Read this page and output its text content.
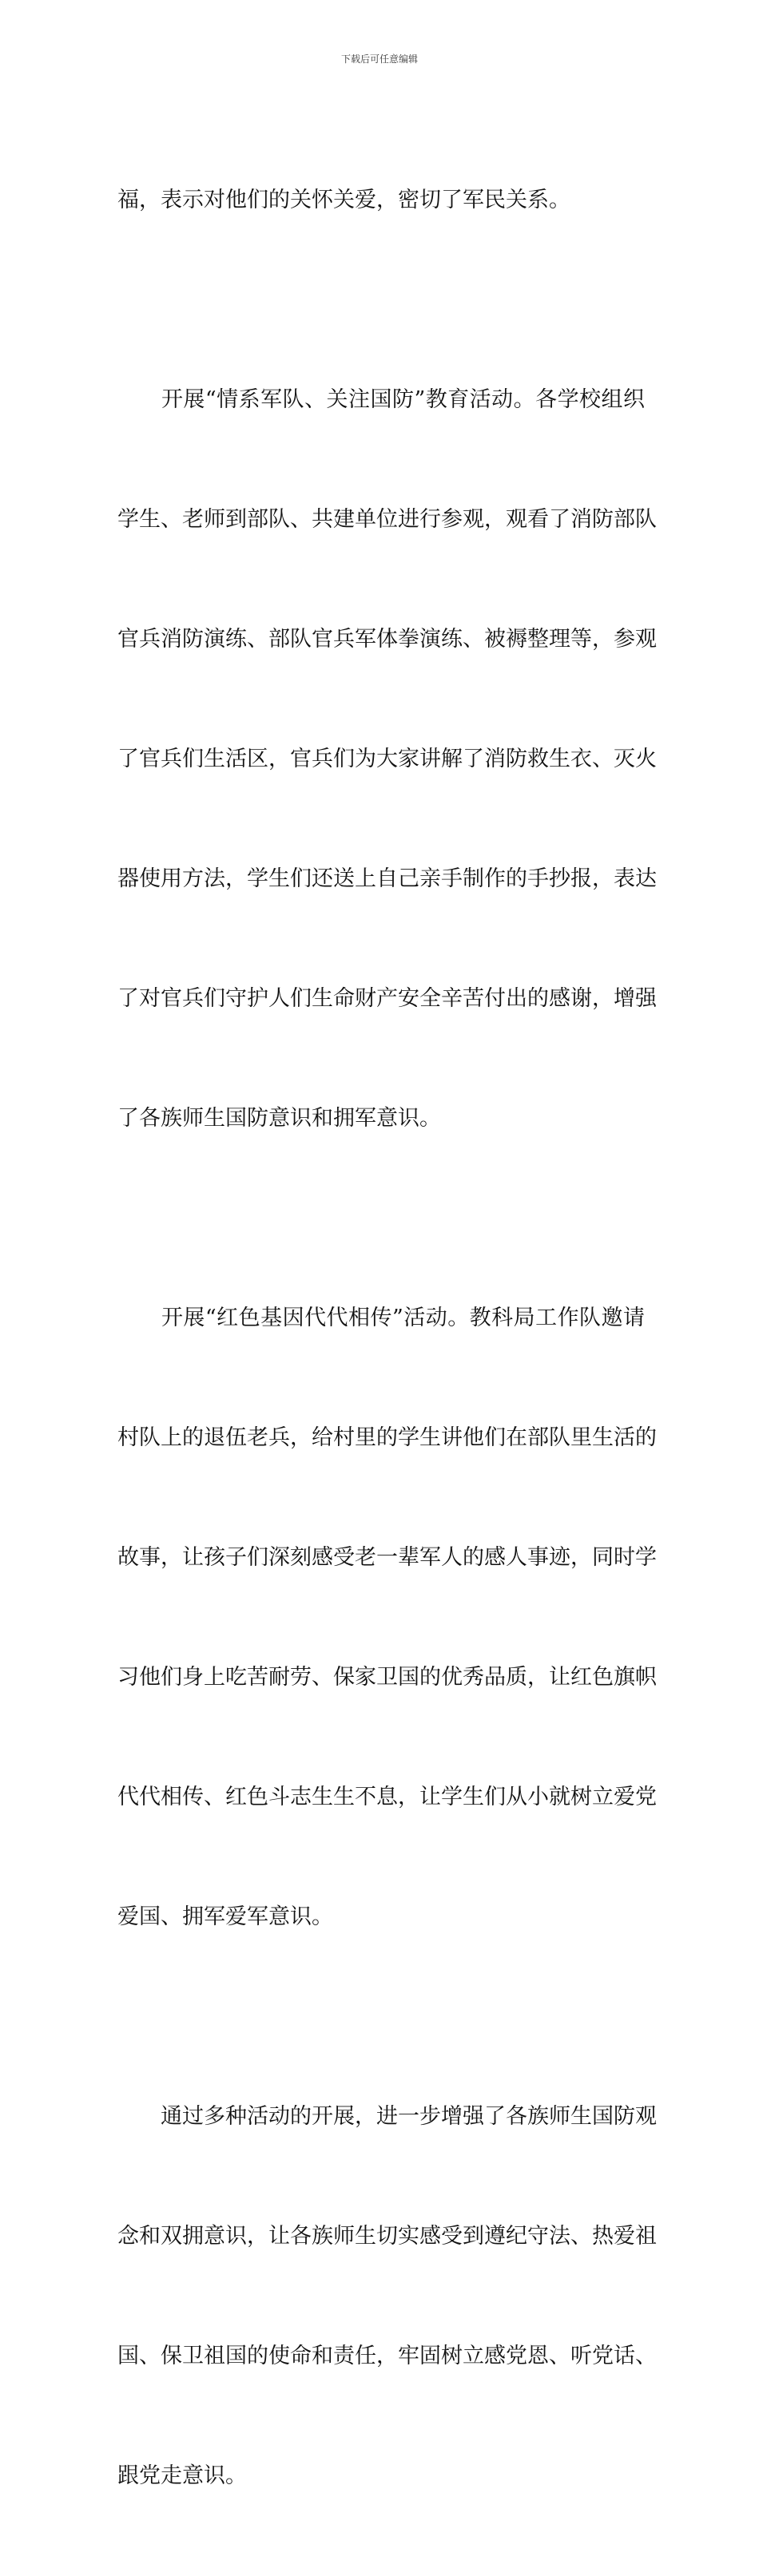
下载后可任意编辑

福，表示对他们的关怀关爱，密切了军民关系。

　　开展“情系军队、关注国防”教育活动。各学校组织

学生、老师到部队、共建单位进行参观，观看了消防部队

官兵消防演练、部队官兵军体拳演练、被褥整理等，参观

了官兵们生活区，官兵们为大家讲解了消防救生衣、灭火

器使用方法，学生们还送上自己亲手制作的手抄报，表达

了对官兵们守护人们生命财产安全辛苦付出的感谢，增强

了各族师生国防意识和拥军意识。

　　开展“红色基因代代相传”活动。教科局工作队邀请

村队上的退伍老兵，给村里的学生讲他们在部队里生活的

故事，让孩子们深刻感受老一辈军人的感人事迹，同时学

习他们身上吃苦耐劳、保家卫国的优秀品质，让红色旗帜

代代相传、红色斗志生生不息，让学生们从小就树立爱党

爱国、拥军爱军意识。

　　通过多种活动的开展，进一步增强了各族师生国防观

念和双拥意识，让各族师生切实感受到遵纪守法、热爱祖

国、保卫祖国的使命和责任，牢固树立感党恩、听党话、

跟党走意识。
